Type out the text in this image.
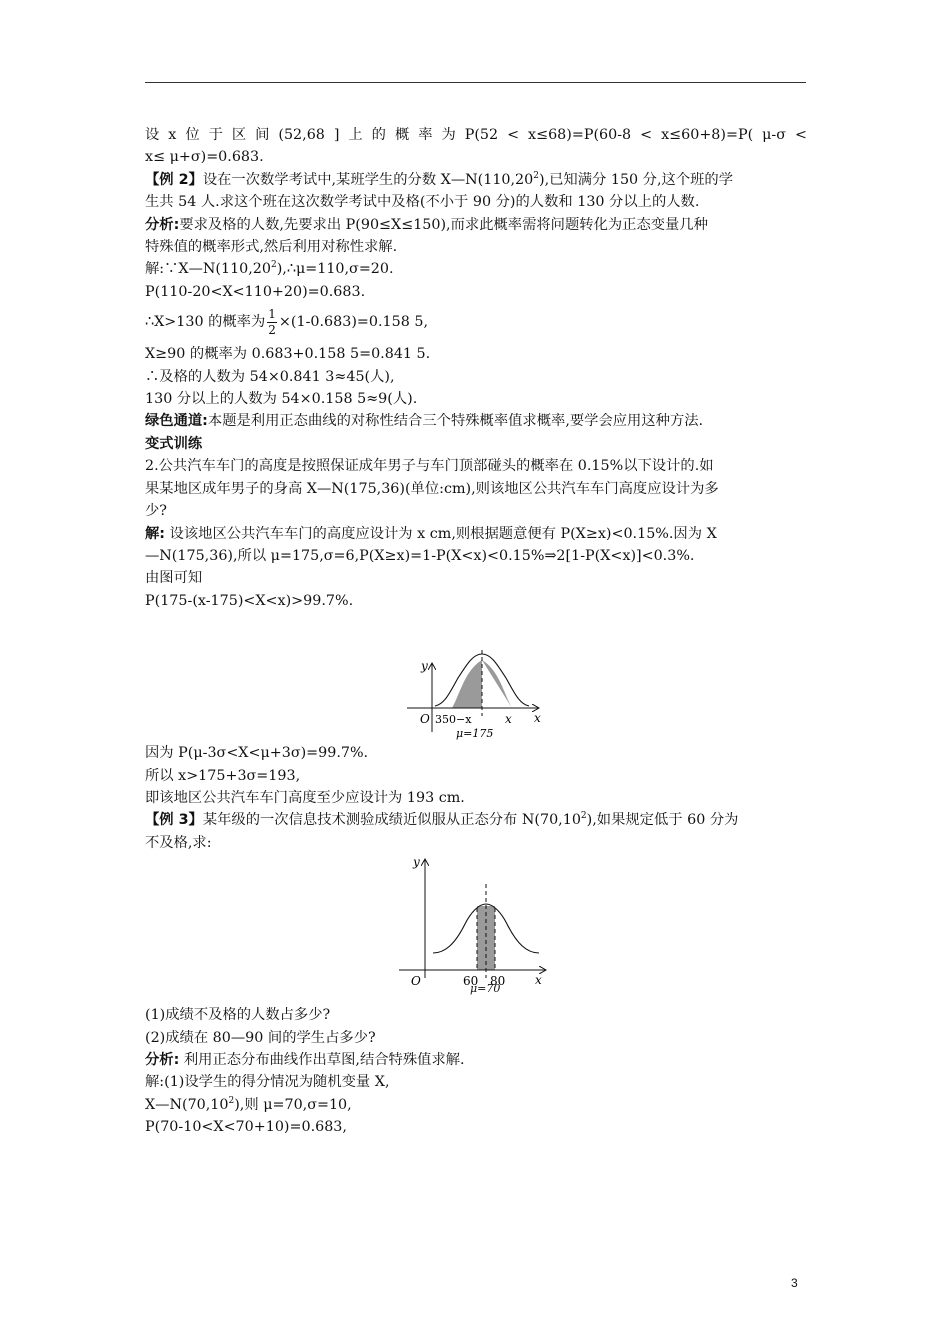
设 x 位 于 区 间 (52,68 ] 上 的 概 率 为 P(52 < x≤68)=P(60-8 < x≤60+8)=P( μ-σ <
x≤ μ+σ)=0.683.
【例 2】设在一次数学考试中,某班学生的分数 X—N(110,20$^2$),已知满分 150 分,这个班的学
生共 54 人.求这个班在这次数学考试中及格(不小于 90 分)的人数和 130 分以上的人数.
分析:要求及格的人数,先要求出 P(90≤X≤150),而求此概率需将问题转化为正态变量几种
特殊值的概率形式,然后利用对称性求解.
解$:\because X—N(110,20^2),\therefore\mu=110,\sigma=20$.
P(110-20<X<110+20)=0.683.
∴X>130 的概率为 $\frac{1}{2} \times(1-0.683)=0.158$ 5,
X≥90 的概率为 0.683+0.158 5=0.841 5.
∴及格的人数为 54×0.841 3≈45(人),
130 分以上的人数为 54×0.158 5≈9(人).
绿色通道:本题是利用正态曲线的对称性结合三个特殊概率值求概率,要学会应用这种方法.
变式训练
2.公共汽车车门的高度是按照保证成年男子与车门顶部碰头的概率在 0.15%以下设计的.如
果某地区成年男子的身高 X—N(175,36)(单位:cm),则该地区公共汽车车门高度应设计为多
少?
解: 设该地区公共汽车车门的高度应设计为 x cm,则根据题意便有 P(X≥x)<0.15%.因为 X
—N(175,36),所以 μ=175,σ=6,P(X≥x)=1-P(X<x)<0.15%⇒2[1-P(X<x)]<0.3%.
由图可知
P(175-(x-175)<X<x)>99.7%.
y
x
O 350−x	x
μ=175
因为 P(μ-3σ<X<μ+3σ)=99.7%.
所以 x>175+3σ=193,
即该地区公共汽车车门高度至少应设计为 193 cm.
【例 3】某年级的一次信息技术测验成绩近似服从正态分布 N(70,10$^2$),如果规定低于 60 分为
不及格,求:
y
x
O	60 80
μ=70
(1)成绩不及格的人数占多少?
(2)成绩在 80—90 间的学生占多少?
分析: 利用正态分布曲线作出草图,结合特殊值求解.
解:(1)设学生的得分情况为随机变量 X,
X—N(70,10$^2$),则 μ=70,σ=10,
P(70-10<X<70+10)=0.683,
3
